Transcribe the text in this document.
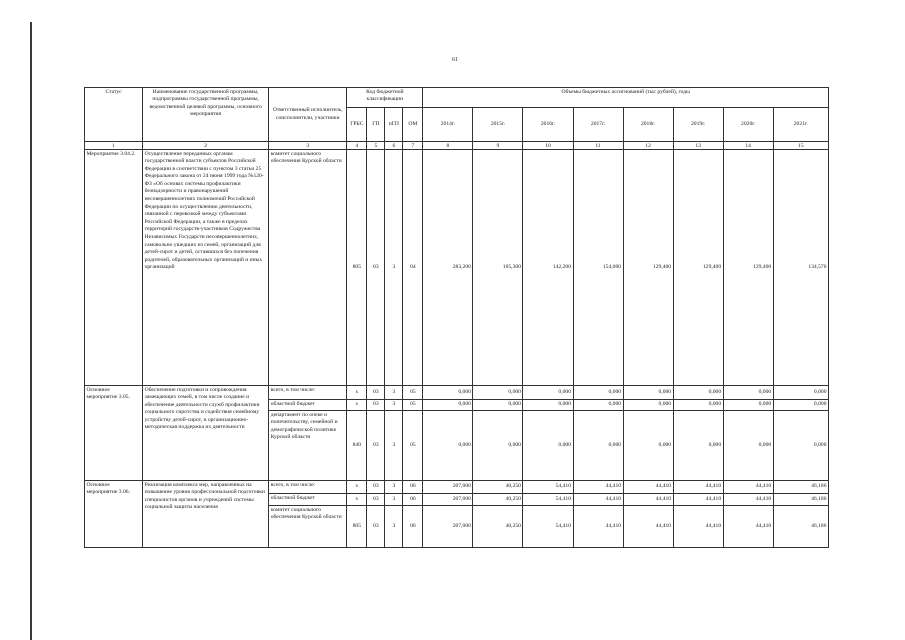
61
Статус	Наименование государственной программы, подпрограммы государственной программы, ведомственной целевой программы, основного мероприятия	Ответственный исполнитель, соисполнители, участники	Код бюджетной классификации				Объемы бюджетных ассигнований (тыс рублей), годы							
			ГРБС	ГП	пГП	ОМ	2014г.	2015г.	2016г.	2017г.	2018г.	2019г.	2020г.	2021г.
1	2	3	4	5	6	7	8	9	10	11	12	13	14	15
Мероприятие 3.04.2.	Осуществление переданных органам государственной власти субъектов Российской Федерации в соответствии с пунктом 3 статьи 25 Федерального закона от 24 июня 1999 года №120-ФЗ «Об основах системы профилактики безнадзорности и правонарушений несовершеннолетних полномочий Российской Федерации по осуществлению деятельности, связанной с перевозкой между субъектами Российской Федерации, а также в пределах территорий государств-участников Содружества Независимых Государств несовершеннолетних, самовольно ушедших из семей, организаций для детей-сирот и детей, оставшихся без попечения родителей, образовательных организаций и иных организаций	комитет социального обеспечения Курской области	805	03	3	04	283,200	105,300	142,200	154,000	129,400	129,400	129,400	134,576
Основное мероприятие 3.05.	Обеспечение подготовки и сопровождения замещающих семей, в том числе создание и обеспечение деятельности служб профилактики социального сиротства и содействия семейному устройству детей-сирот, и организационно-методическая поддержка их деятельности	всего, в том числе:	х	03	3	05	0,000	0,000	0,000	0,000	0,000	0,000	0,000	0,000
		областной бюджет	х	03	3	05	0,000	0,000	0,000	0,000	0,000	0,000	0,000	0,000
		департамент по опеке и попечительству, семейной и демографической политике Курской области	840	03	3	05	0,000	0,000	0,000	0,000	0,000	0,000	0,000	0,000
Основное мероприятие 3.06.	Реализация комплекса мер, направленных на повышение уровня профессиональной подготовки специалистов органов и учреждений системы социальной защиты населения	всего, в том числе:	х	03	3	06	207,000	40,250	54,410	44,410	44,410	44,410	44,410	46,186
		областной бюджет	х	03	3	06	207,000	40,250	54,410	44,410	44,410	44,410	44,410	46,186
		комитет социального обеспечения Курской области	805	03	3	06	207,000	40,250	54,410	44,410	44,410	44,410	44,410	46,186
